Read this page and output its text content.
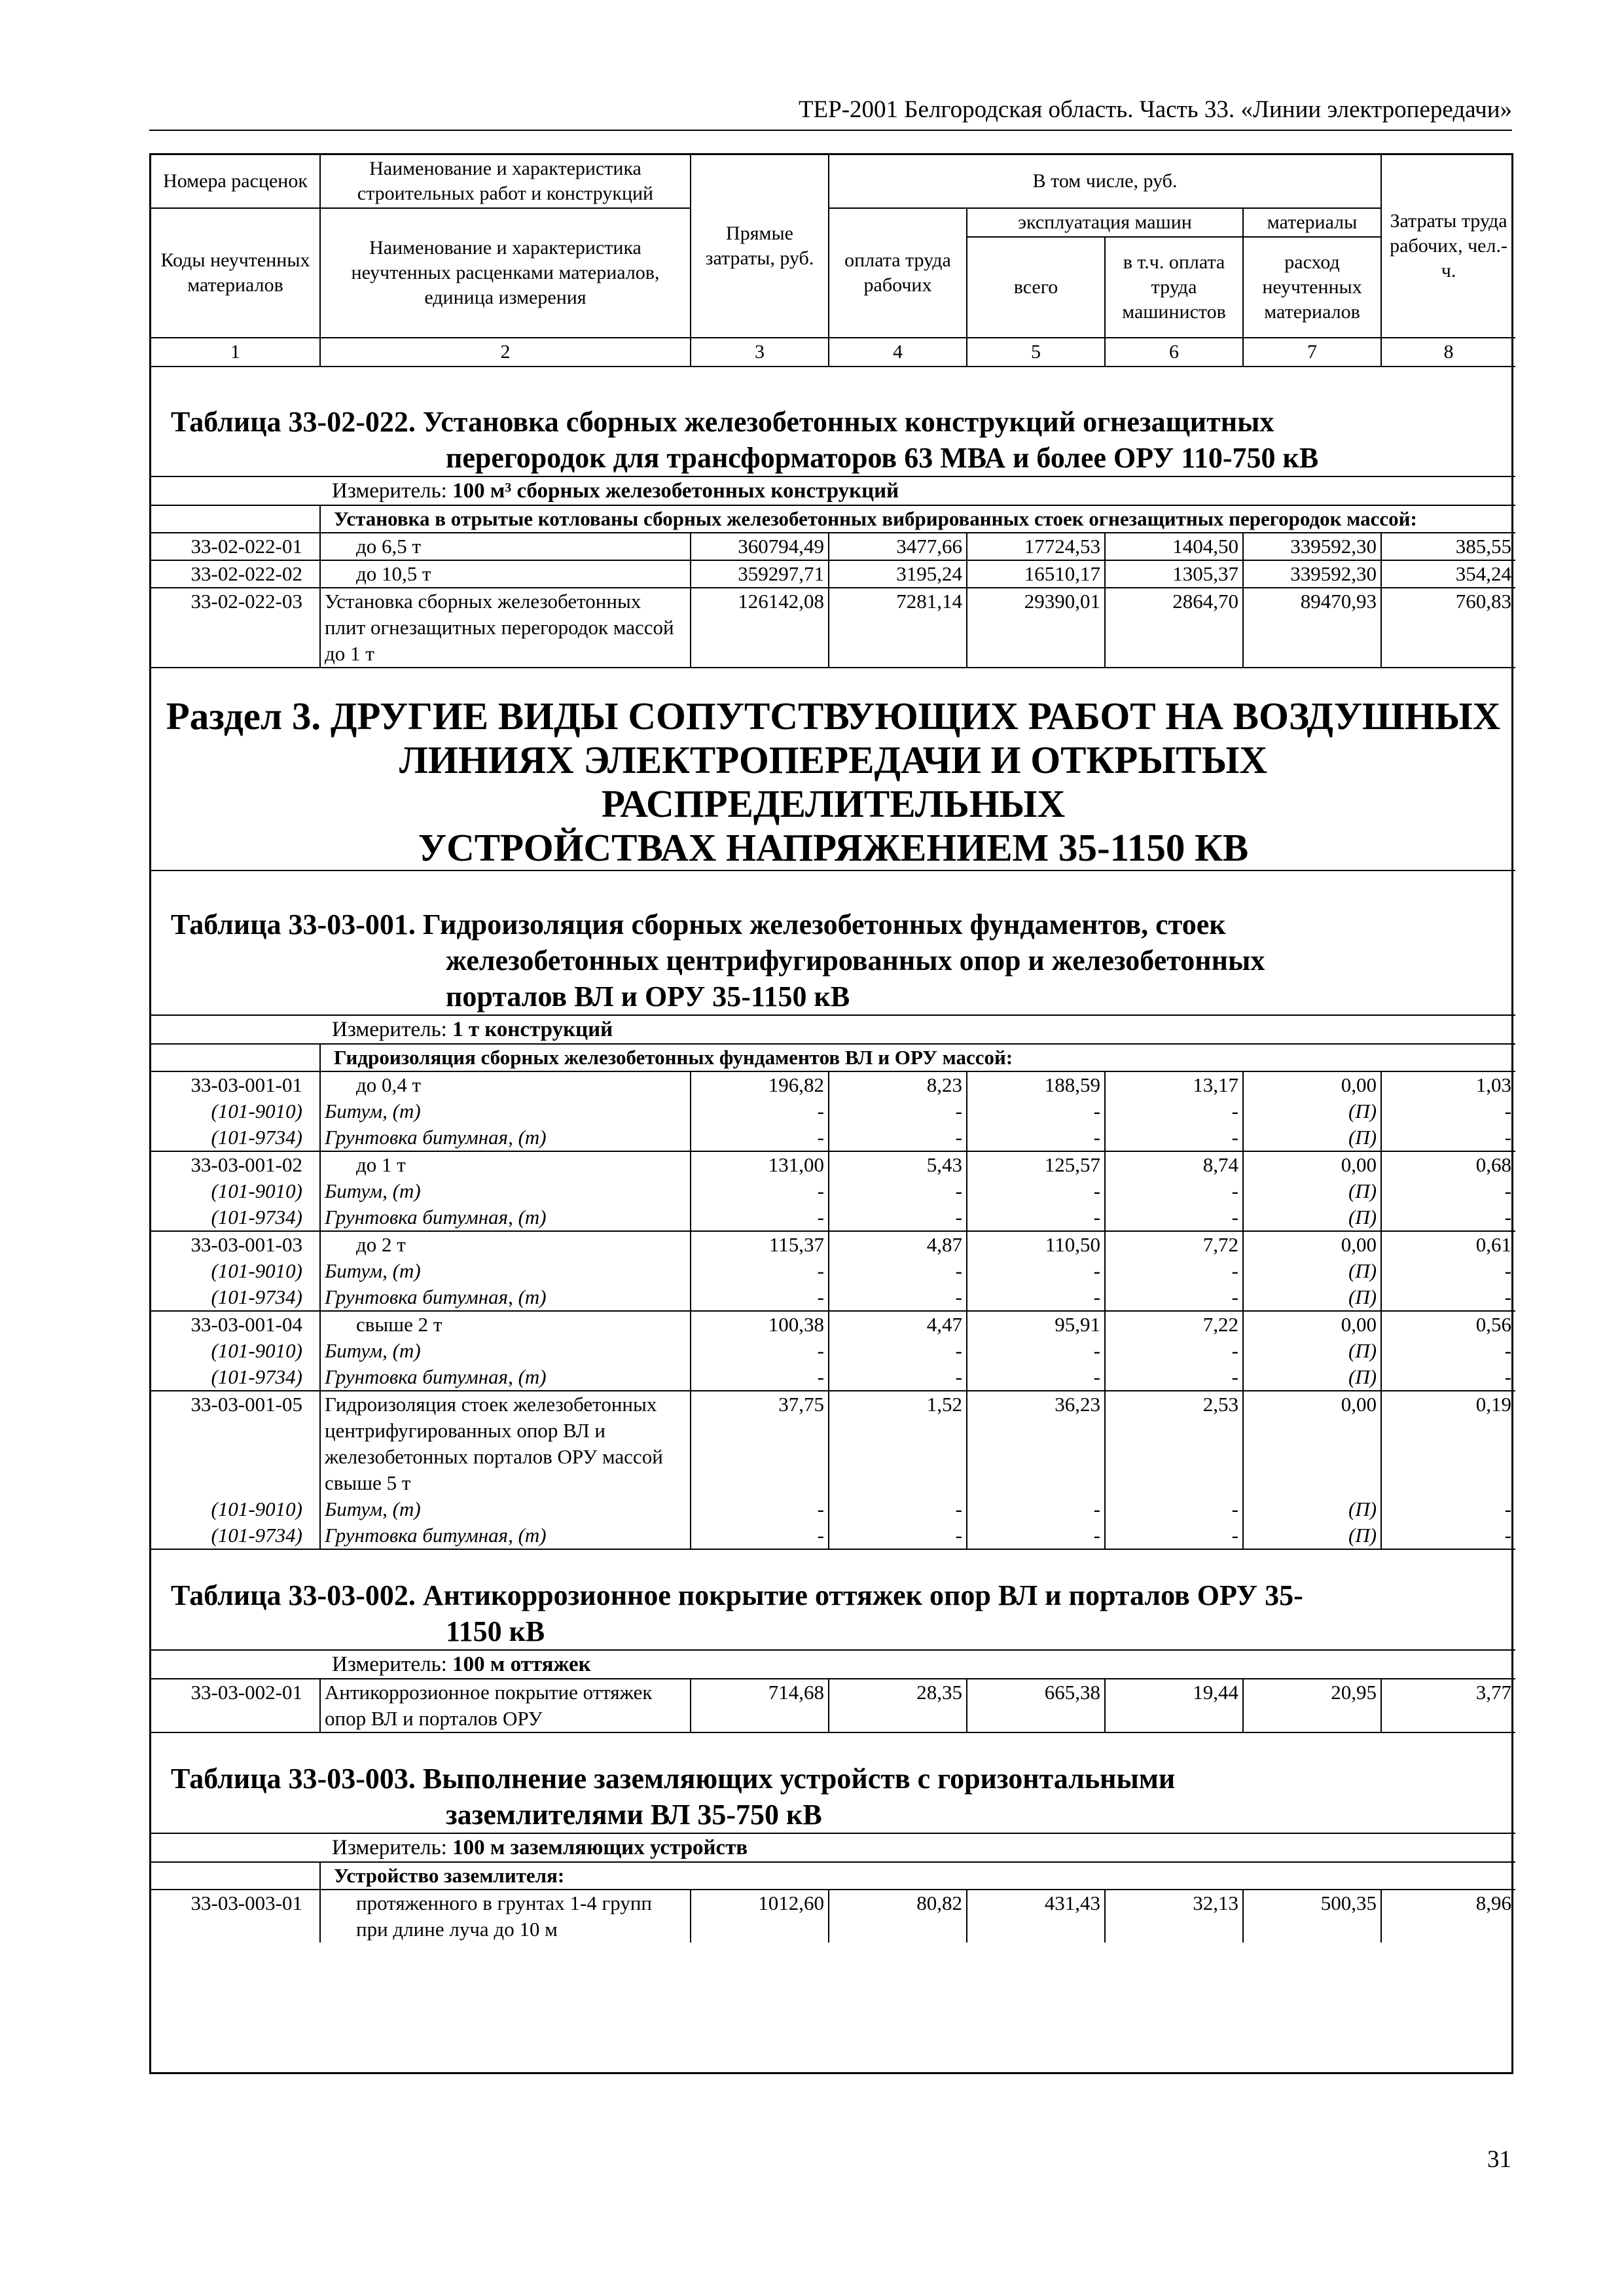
ТЕР-2001 Белгородская область. Часть 33. «Линии электропередачи»
Номера расценок	Наименование и характеристика строительных работ и конструкций	Прямые затраты, руб.	В том числе, руб.				Затраты труда рабочих, чел.-ч.
Коды неучтенных материалов	Наименование и характеристика неучтенных расценками материалов, единица измерения		оплата труда рабочих	эксплуатация машин		материалы	
				всего	в т.ч. оплата труда машинистов	расход неучтенных материалов	
1	2	3	4	5	6	7	8

Таблица 33-02-022. Установка сборных железобетонных конструкций огнезащитных
перегородок для трансформаторов 63 МВА и более ОРУ 110-750 кВ							

Измеритель: 100 м³ сборных железобетонных конструкций							
	Установка в отрытые котлованы сборных железобетонных вибрированных стоек огнезащитных перегородок массой:						
33-02-022-01	до 6,5 т	360794,49	3477,66	17724,53	1404,50	339592,30	385,55
33-02-022-02	до 10,5 т	359297,71	3195,24	16510,17	1305,37	339592,30	354,24
33-02-022-03	Установка сборных железобетонных плит огнезащитных перегородок массой до 1 т	126142,08	7281,14	29390,01	2864,70	89470,93	760,83

Раздел 3. ДРУГИЕ ВИДЫ СОПУТСТВУЮЩИХ РАБОТ НА ВОЗДУШНЫХ
ЛИНИЯХ ЭЛЕКТРОПЕРЕДАЧИ И ОТКРЫТЫХ РАСПРЕДЕЛИТЕЛЬНЫХ
УСТРОЙСТВАХ НАПРЯЖЕНИЕМ 35-1150 КВ							

Таблица 33-03-001. Гидроизоляция сборных железобетонных фундаментов, стоек
железобетонных центрифугированных опор и железобетонных
порталов ВЛ и ОРУ 35-1150 кВ							

Измеритель: 1 т конструкций							
	Гидроизоляция сборных железобетонных фундаментов ВЛ и ОРУ массой:						
33-03-001-01	до 0,4 т	196,82	8,23	188,59	13,17	0,00	1,03
(101-9010)	Битум, (т)	-	-	-	-	(П)	-
(101-9734)	Грунтовка битумная, (т)	-	-	-	-	(П)	-
33-03-001-02	до 1 т	131,00	5,43	125,57	8,74	0,00	0,68
(101-9010)	Битум, (т)	-	-	-	-	(П)	-
(101-9734)	Грунтовка битумная, (т)	-	-	-	-	(П)	-
33-03-001-03	до 2 т	115,37	4,87	110,50	7,72	0,00	0,61
(101-9010)	Битум, (т)	-	-	-	-	(П)	-
(101-9734)	Грунтовка битумная, (т)	-	-	-	-	(П)	-
33-03-001-04	свыше 2 т	100,38	4,47	95,91	7,22	0,00	0,56
(101-9010)	Битум, (т)	-	-	-	-	(П)	-
(101-9734)	Грунтовка битумная, (т)	-	-	-	-	(П)	-
33-03-001-05	Гидроизоляция стоек железобетонных центрифугированных опор ВЛ и железобетонных порталов ОРУ массой свыше 5 т	37,75	1,52	36,23	2,53	0,00	0,19
(101-9010)	Битум, (т)	-	-	-	-	(П)	-
(101-9734)	Грунтовка битумная, (т)	-	-	-	-	(П)	-

Таблица 33-03-002. Антикоррозионное покрытие оттяжек опор ВЛ и порталов ОРУ 35-
1150 кВ							

Измеритель: 100 м оттяжек							
33-03-002-01	Антикоррозионное покрытие оттяжек опор ВЛ и порталов ОРУ	714,68	28,35	665,38	19,44	20,95	3,77

Таблица 33-03-003. Выполнение заземляющих устройств с горизонтальными
заземлителями ВЛ 35-750 кВ							

Измеритель: 100 м заземляющих устройств							
	Устройство заземлителя:						
33-03-003-01	протяженного в грунтах 1-4 групп при длине луча до 10 м	1012,60	80,82	431,43	32,13	500,35	8,96
31
